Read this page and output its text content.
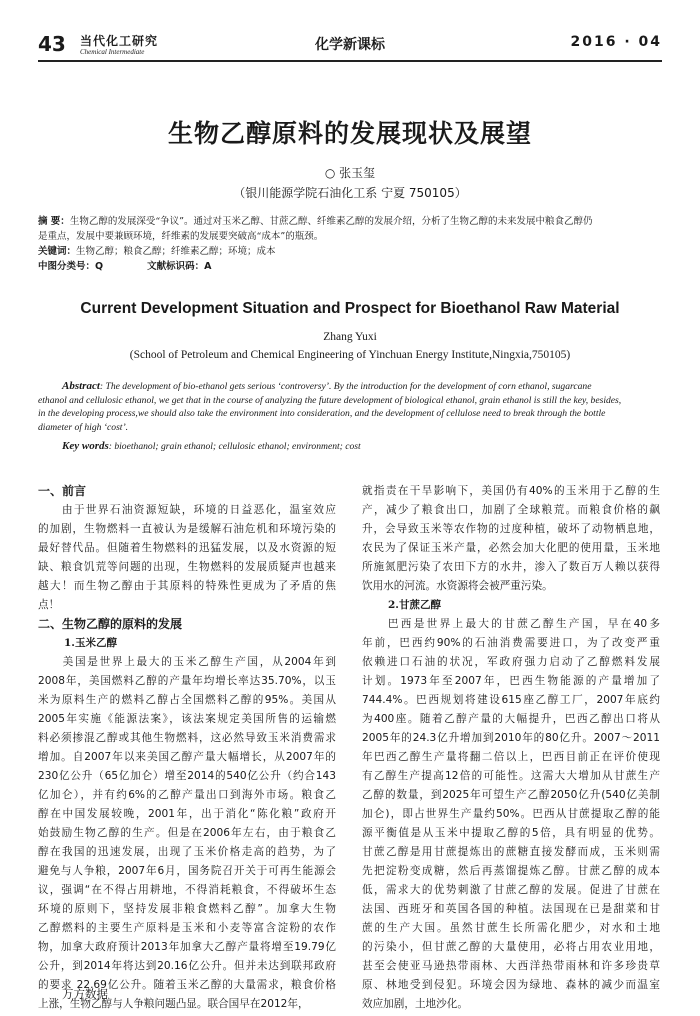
43 当代化工研究
Chemical Intermediate	化学新课标	2016 · 04
生物乙醇原料的发展现状及展望
○ 张玉玺
（银川能源学院石油化工系 宁夏 750105）
摘 要：生物乙醇的发展深受“争议”。通过对玉米乙醇、甘蔗乙醇、纤维素乙醇的发展介绍，分析了生物乙醇的未来发展中粮食乙醇仍
是重点，发展中要兼顾环境，纤维素的发展要突破高“成本”的瓶颈。
关键词：生物乙醇；粮食乙醇；纤维素乙醇；环境；成本
中图分类号：Q	文献标识码：A
Current Development Situation and Prospect for Bioethanol Raw Material
Zhang Yuxi
(School of Petroleum and Chemical Engineering of Yinchuan Energy Institute,Ningxia,750105)
Abstract: The development of bio-ethanol gets serious ‘controversy’. By the introduction for the development of corn ethanol, sugarcane
ethanol and cellulosic ethanol, we get that in the course of analyzing the future development of biological ethanol, grain ethanol is still the key, besides,
in the developing process,we should also take the environment into consideration, and the development of cellulose need to break through the bottle
diameter of high ‘cost’.
Key words: bioethanol; grain ethanol; cellulosic ethanol; environment; cost
一、前言
　　由于世界石油资源短缺，环境的日益恶化，温室效应
的加剧，生物燃料一直被认为是缓解石油危机和环境污染的
最好替代品。但随着生物燃料的迅猛发展，以及水资源的短
缺、粮食饥荒等问题的出现，生物燃料的发展质疑声也越来
越大！而生物乙醇由于其原料的特殊性更成为了矛盾的焦
点！
二、生物乙醇的原料的发展
1.玉米乙醇
　　美国是世界上最大的玉米乙醇生产国，从2004年到
2008年，美国燃料乙醇的产量年均增长率达35.70%，以玉
米为原料生产的燃料乙醇占全国燃料乙醇的95%。美国从
2005年实施《能源法案》，该法案规定美国所售的运输燃
料必须掺混乙醇或其他生物燃料，这必然导致玉米消费需求
增加。自2007年以来美国乙醇产量大幅增长，从2007年的
230亿公升（65亿加仑）增至2014的540亿公升（约合143
亿加仑），并有约6%的乙醇产量出口到海外市场。粮食乙
醇在中国发展较晚，2001年，出于消化“陈化粮”政府开
始鼓励生物乙醇的生产。但是在2006年左右，由于粮食乙
醇在我国的迅速发展，出现了玉米价格走高的趋势，为了
避免与人争粮，2007年6月，国务院召开关于可再生能源会
议，强调“在不得占用耕地，不得消耗粮食，不得破坏生态
环境的原则下，坚持发展非粮食燃料乙醇”。加拿大生物
乙醇燃料的主要生产原料是玉米和小麦等富含淀粉的农作
物，加拿大政府预计2013年加拿大乙醇产量将增至19.79亿
公升，到2014年将达到20.16亿公升。但并未达到联邦政府
的要求 22.69亿公升。随着玉米乙醇的大量需求，粮食价格
上涨，生物乙醇与人争粮问题凸显。联合国早在2012年，
就指责在干旱影响下，美国仍有40%的玉米用于乙醇的生
产，减少了粮食出口，加剧了全球粮荒。而粮食价格的飙
升，会导致玉米等农作物的过度种植，破坏了动物栖息地，
农民为了保证玉米产量，必然会加大化肥的使用量，玉米地
所施氮肥污染了农田下方的水井，渗入了数百万人赖以获得
饮用水的河流。水资源将会被严重污染。
2.甘蔗乙醇
　　巴西是世界上最大的甘蔗乙醇生产国，早在40多
年前，巴西约90%的石油消费需要进口，为了改变严重
依赖进口石油的状况，军政府强力启动了乙醇燃料发展
计划。1973年至2007年，巴西生物能源的产量增加了
744.4%。巴西规划将建设615座乙醇工厂，2007年底约
为400座。随着乙醇产量的大幅提升，巴西乙醇出口将从
2005年的24.3亿升增加到2010年的80亿升。2007～2011
年巴西乙醇生产量将翻二倍以上，巴西目前正在评价使现
有乙醇生产提高12倍的可能性。这需大大增加从甘蔗生产
乙醇的数量，到2025年可望生产乙醇2050亿升(540亿美制
加仑)，即占世界生产量约50%。巴西从甘蔗提取乙醇的能
源平衡值是从玉米中提取乙醇的5倍，具有明显的优势。
甘蔗乙醇是用甘蔗提炼出的蔗糖直接发酵而成，玉米则需
先把淀粉变成糖，然后再蒸馏提炼乙醇。甘蔗乙醇的成本
低，需求大的优势刺激了甘蔗乙醇的发展。促进了甘蔗在
法国、西班牙和英国各国的种植。法国现在已是甜菜和甘
蔗的生产大国。虽然甘蔗生长所需化肥少，对水和土地
的污染小，但甘蔗乙醇的大量使用，必将占用农业用地，
甚至会使亚马逊热带雨林、大西洋热带雨林和许多珍贵草
原、林地受到侵犯。环境会因为绿地、森林的减少而温室
效应加剧，土地沙化。
万方数据
